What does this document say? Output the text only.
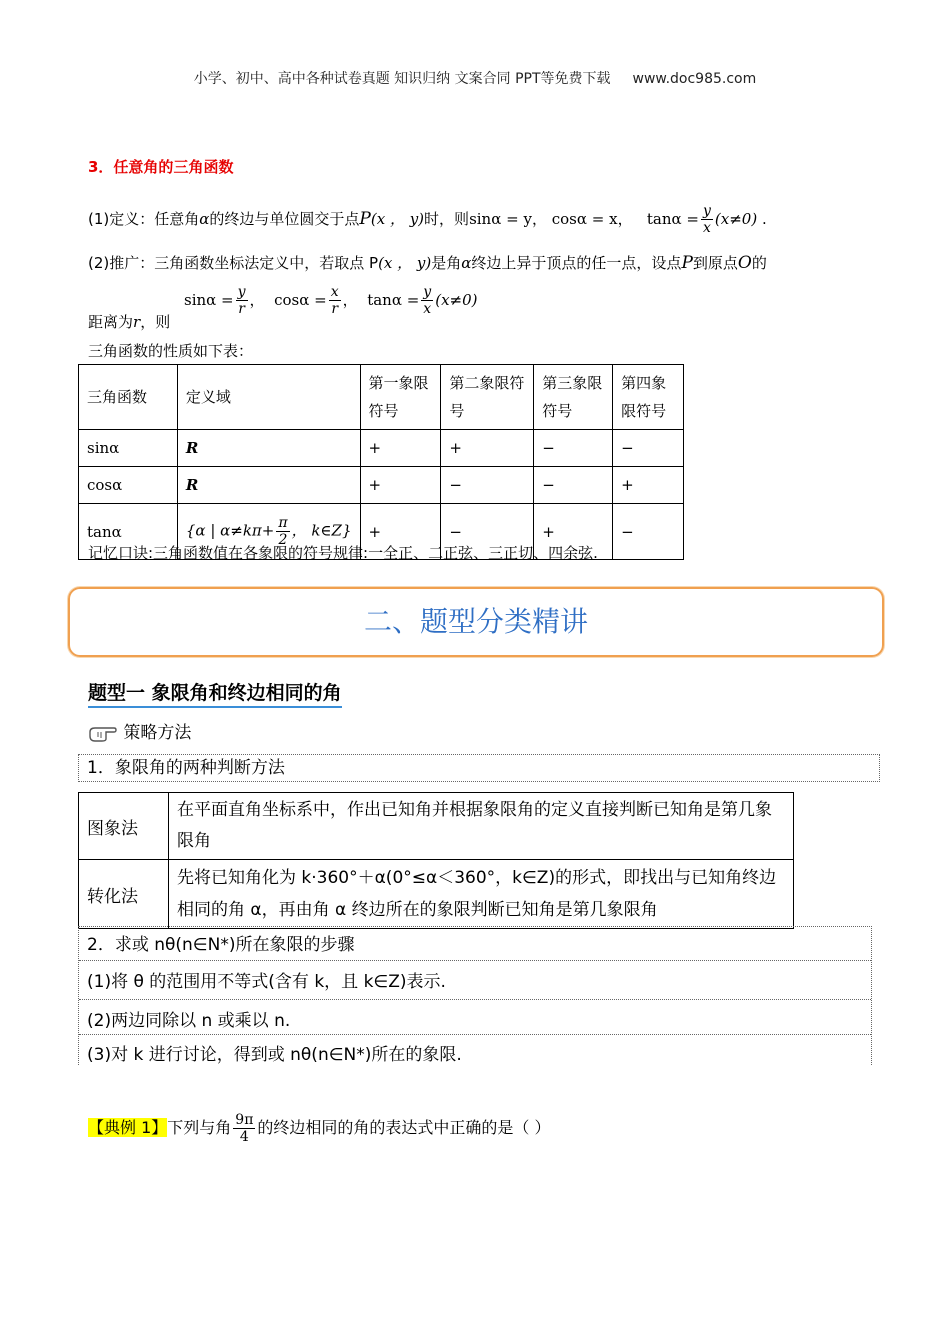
小学、初中、高中各种试卷真题 知识归纳 文案合同 PPT等免费下载 www.doc985.com
3．任意角的三角函数
(1)定义：任意角α的终边与单位圆交于点P(x ， y)时，则sinα = y， cosα = x， $\tan\alpha = \frac{y}{x} (x\ne 0)$ .
(2)推广：三角函数坐标法定义中，若取点 P(x ， y)是角α终边上异于顶点的任一点，设点P到原点O的
距离为r，则
$\sin\alpha = \frac{y}{r}$ ， $\cos\alpha = \frac{x}{r}$ ， $\tan\alpha = \frac{y}{x} (x\ne 0)$
三角函数的性质如下表：
三角函数	定义域	第一象限符号	第二象限符号	第三象限符号	第四象限符号
sinα	R	+	+	−	−
cosα	R	+	−	−	+
tanα	{α | $\alpha\ne k\pi+ \frac{\pi}{2}$ ， k∈Z}	+	−	+	−
记忆口诀:三角函数值在各象限的符号规律:一全正、二正弦、三正切、四余弦.
二、题型分类精讲
题型一 象限角和终边相同的角
策略方法
1．象限角的两种判断方法
图象法	在平面直角坐标系中，作出已知角并根据象限角的定义直接判断已知角是第几象限角
转化法	先将已知角化为 k·360°＋α(0°≤α＜360°，k∈Z)的形式，即找出与已知角终边相同的角 α，再由角 α 终边所在的象限判断已知角是第几象限角
2．求或 nθ(n∈N*)所在象限的步骤
(1)将 θ 的范围用不等式(含有 k，且 k∈Z)表示.
(2)两边同除以 n 或乘以 n.
(3)对 k 进行讨论，得到或 nθ(n∈N*)所在的象限.
【典例 1】下列与角 $\frac{9\pi}{4}$ 的终边相同的角的表达式中正确的是（ ）
